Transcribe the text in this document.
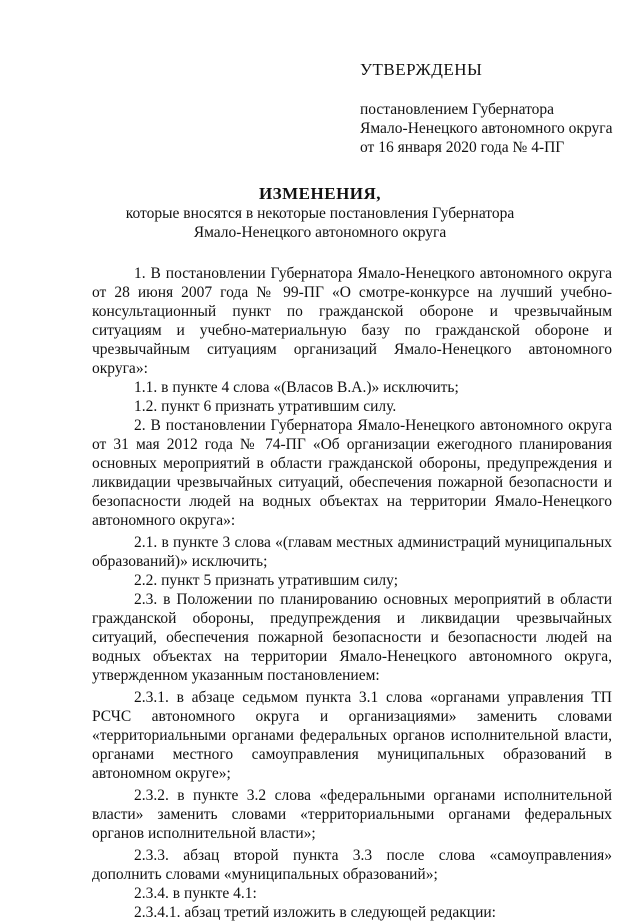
УТВЕРЖДЕНЫ
постановлением Губернатора
Ямало-Ненецкого автономного округа
от 16 января 2020 года № 4-ПГ
ИЗМЕНЕНИЯ,
которые вносятся в некоторые постановления Губернатора
Ямало-Ненецкого автономного округа

1. В постановлении Губернатора Ямало-Ненецкого автономного округа от 28 июня 2007 года № 99-ПГ «О смотре-конкурсе на лучший учебно-консультационный пункт по гражданской обороне и чрезвычайным ситуациям и учебно-материальную базу по гражданской обороне и чрезвычайным ситуациям организаций Ямало-Ненецкого автономного округа»:

1.1. в пункте 4 слова «(Власов В.А.)» исключить;

1.2. пункт 6 признать утратившим силу.

2. В постановлении Губернатора Ямало-Ненецкого автономного округа от 31 мая 2012 года № 74-ПГ «Об организации ежегодного планирования основных мероприятий в области гражданской обороны, предупреждения и ликвидации чрезвычайных ситуаций, обеспечения пожарной безопасности и безопасности людей на водных объектах на территории Ямало-Ненецкого автономного округа»:

2.1. в пункте 3 слова «(главам местных администраций муниципальных образований)» исключить;

2.2. пункт 5 признать утратившим силу;

2.3. в Положении по планированию основных мероприятий в области гражданской обороны, предупреждения и ликвидации чрезвычайных ситуаций, обеспечения пожарной безопасности и безопасности людей на водных объектах на территории Ямало-Ненецкого автономного округа, утвержденном указанным постановлением:

2.3.1. в абзаце седьмом пункта 3.1 слова «органами управления ТП РСЧС автономного округа и организациями» заменить словами «территориальными органами федеральных органов исполнительной власти, органами местного самоуправления муниципальных образований в автономном округе»;

2.3.2. в пункте 3.2 слова «федеральными органами исполнительной власти» заменить словами «территориальными органами федеральных органов исполнительной власти»;

2.3.3. абзац второй пункта 3.3 после слова «самоуправления» дополнить словами «муниципальных образований»;

2.3.4. в пункте 4.1:

2.3.4.1. абзац третий изложить в следующей редакции:
